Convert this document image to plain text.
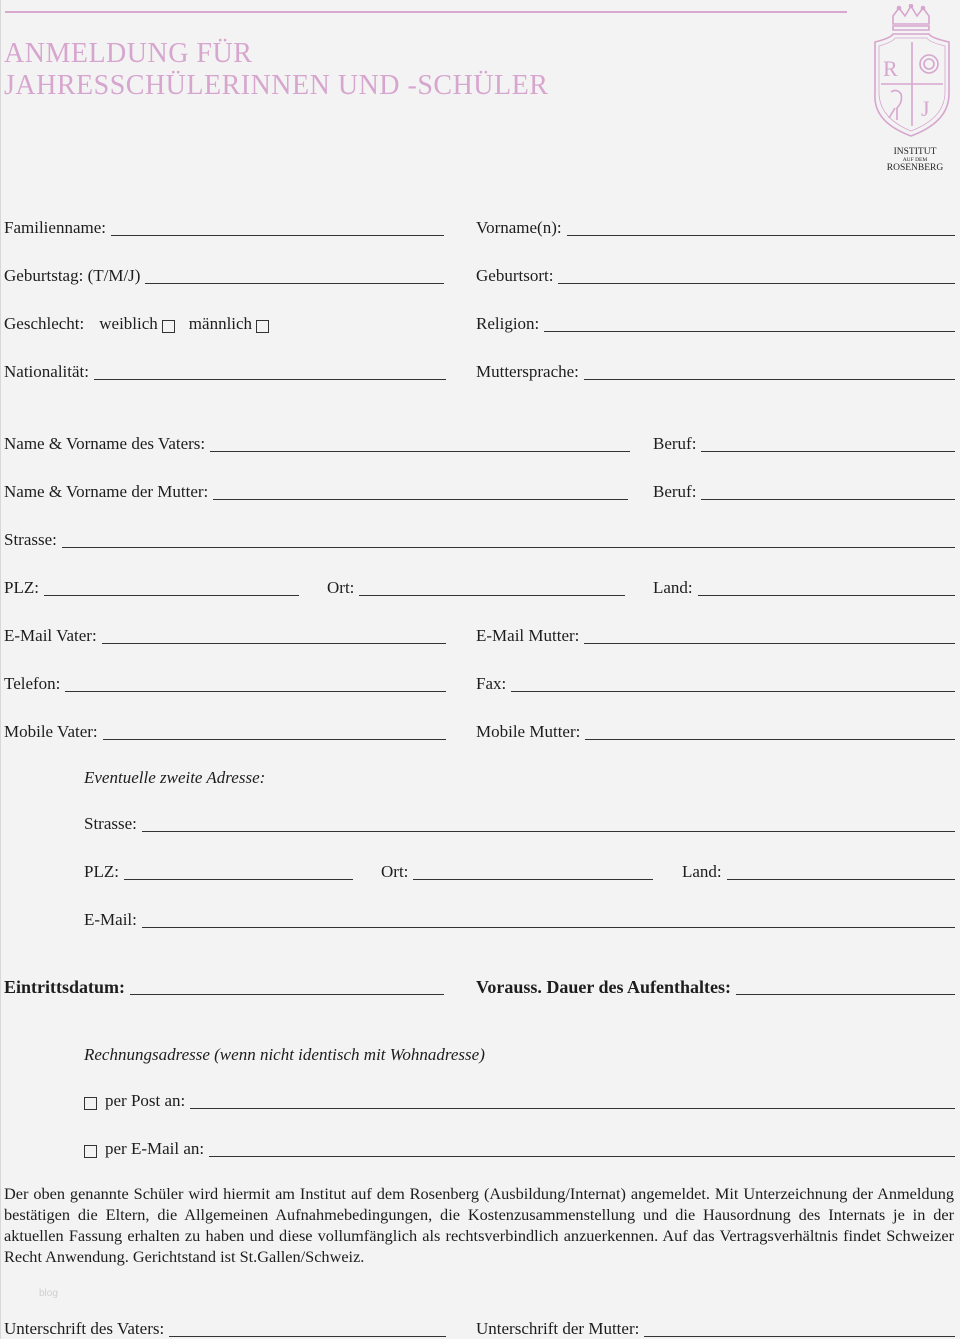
ANMELDUNG FÜR
JAHRESSCHÜLERINNEN UND -SCHÜLER
R
J
INSTITUT

AUF DEM
ROSENBERG
Familienname:	Vorname(n):
Geburtstag: (T/M/J)	Geburtsort:
Geschlecht: weiblich männlich	Religion:
Nationalität:	Muttersprache:
Name & Vorname des Vaters:	Beruf:
Name & Vorname der Mutter:	Beruf:
Strasse:
PLZ:	Ort:	Land:
E-Mail Vater:	E-Mail Mutter:
Telefon:	Fax:
Mobile Vater:	Mobile Mutter:
Eventuelle zweite Adresse:
Strasse:
PLZ:	Ort:	Land:
E-Mail:
Eintrittsdatum:	Vorauss. Dauer des Aufenthaltes:
Rechnungsadresse (wenn nicht identisch mit Wohnadresse)
per Post an:
per E-Mail an:
Der oben genannte Schüler wird hiermit am Institut auf dem Rosenberg (Ausbildung/Internat) angemeldet. Mit Unterzeichnung der Anmeldung bestätigen die Eltern, die Allgemeinen Aufnahmebedingungen, die Kostenzusammenstellung und die Hausordnung des Internats je in der aktuellen Fassung erhalten zu haben und diese vollumfänglich als rechtsverbindlich anzuerkennen. Auf das Vertragsverhältnis findet Schweizer Recht Anwendung. Gerichtstand ist St.Gallen/Schweiz.
blog
Unterschrift des Vaters:	Unterschrift der Mutter:
